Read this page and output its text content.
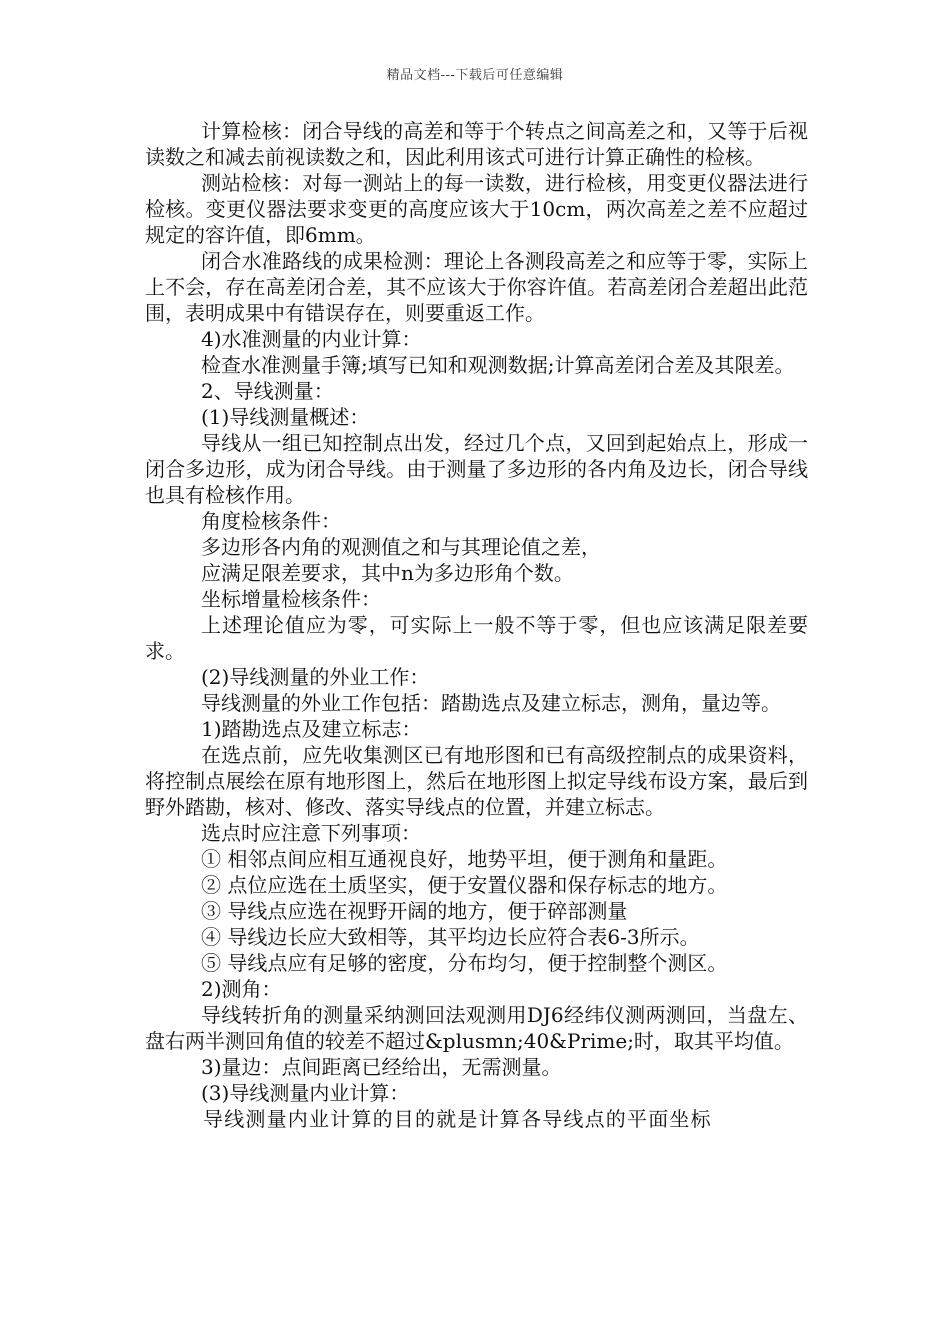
精品文档---下载后可任意编辑

计算检核：闭合导线的高差和等于个转点之间高差之和，又等于后视读数之和减去前视读数之和，因此利用该式可进行计算正确性的检核。

测站检核：对每一测站上的每一读数，进行检核，用变更仪器法进行检核。变更仪器法要求变更的高度应该大于10cm，两次高差之差不应超过规定的容许值，即6mm。

闭合水准路线的成果检测：理论上各测段高差之和应等于零，实际上上不会，存在高差闭合差，其不应该大于你容许值。若高差闭合差超出此范围，表明成果中有错误存在，则要重返工作。

4)水准测量的内业计算：

检查水准测量手簿;填写已知和观测数据;计算高差闭合差及其限差。

2、导线测量：

(1)导线测量概述：

导线从一组已知控制点出发，经过几个点，又回到起始点上，形成一闭合多边形，成为闭合导线。由于测量了多边形的各内角及边长，闭合导线也具有检核作用。

角度检核条件：

多边形各内角的观测值之和与其理论值之差，

应满足限差要求，其中n为多边形角个数。

坐标增量检核条件：

上述理论值应为零，可实际上一般不等于零，但也应该满足限差要求。

(2)导线测量的外业工作：

导线测量的外业工作包括：踏勘选点及建立标志，测角，量边等。

1)踏勘选点及建立标志：

在选点前，应先收集测区已有地形图和已有高级控制点的成果资料，将控制点展绘在原有地形图上，然后在地形图上拟定导线布设方案，最后到野外踏勘，核对、修改、落实导线点的位置，并建立标志。

选点时应注意下列事项：

① 相邻点间应相互通视良好，地势平坦，便于测角和量距。

② 点位应选在土质坚实，便于安置仪器和保存标志的地方。

③ 导线点应选在视野开阔的地方，便于碎部测量

④ 导线边长应大致相等，其平均边长应符合表6-3所示。

⑤ 导线点应有足够的密度，分布均匀，便于控制整个测区。

2)测角：

导线转折角的测量采纳测回法观测用DJ6经纬仪测两测回，当盘左、盘右两半测回角值的较差不超过&plusmn;40&Prime;时，取其平均值。

3)量边：点间距离已经给出，无需测量。

(3)导线测量内业计算：

导线测量内业计算的目的就是计算各导线点的平面坐标
